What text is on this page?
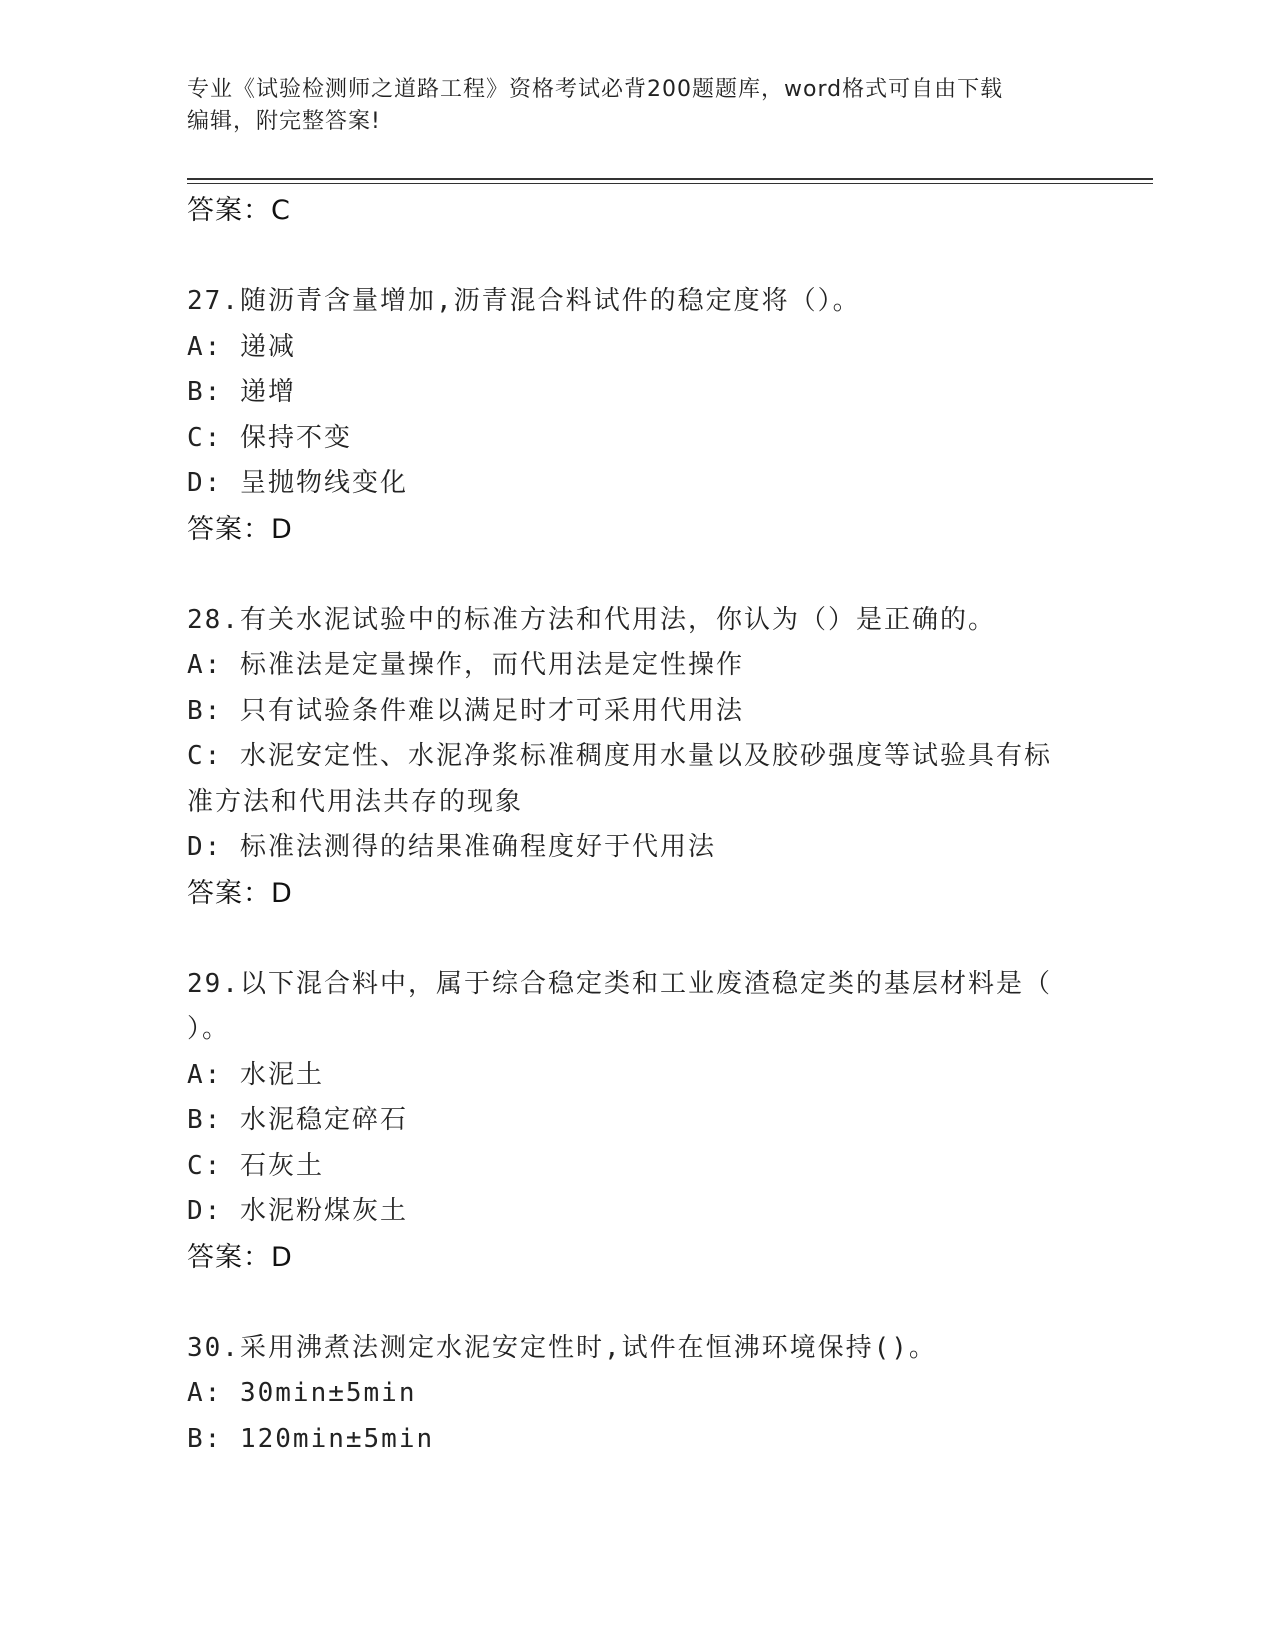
专业《试验检测师之道路工程》资格考试必背200题题库，word格式可自由下载
编辑，附完整答案!
答案：C
27.随沥青含量增加,沥青混合料试件的稳定度将（）。
A: 递减
B: 递增
C: 保持不变
D: 呈抛物线变化
答案：D
28.有关水泥试验中的标准方法和代用法，你认为（）是正确的。
A: 标准法是定量操作，而代用法是定性操作
B: 只有试验条件难以满足时才可采用代用法
C: 水泥安定性、水泥净浆标准稠度用水量以及胶砂强度等试验具有标
准方法和代用法共存的现象
D: 标准法测得的结果准确程度好于代用法
答案：D
29.以下混合料中，属于综合稳定类和工业废渣稳定类的基层材料是（
）。
A: 水泥土
B: 水泥稳定碎石
C: 石灰土
D: 水泥粉煤灰土
答案：D
30.采用沸煮法测定水泥安定性时,试件在恒沸环境保持()。
A: 30min±5min
B: 120min±5min
